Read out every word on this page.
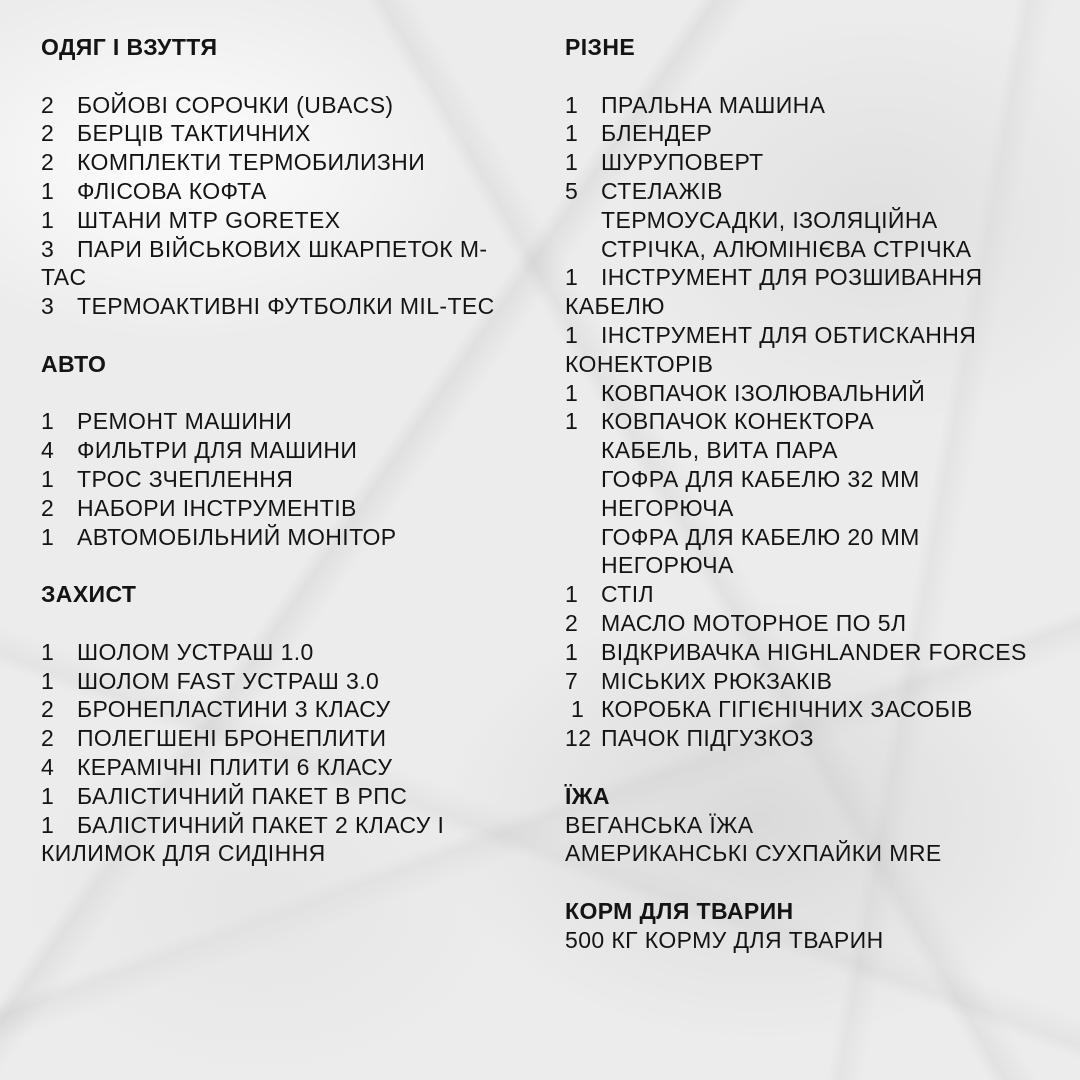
ОДЯГ І ВЗУТТЯ

2 БОЙОВІ СОРОЧКИ (UBACS)

2 БЕРЦІВ ТАКТИЧНИХ

2 КОМПЛЕКТИ ТЕРМОБИЛИЗНИ

1 ФЛІСОВА КОФТА

1 ШТАНИ МТР GORETEX

3 ПАРИ ВІЙСЬКОВИХ ШКАРПЕТОК M-TAC

3 ТЕРМОАКТИВНІ ФУТБОЛКИ MIL-TEC

АВТО

1 РЕМОНТ МАШИНИ

4 ФИЛЬТРИ ДЛЯ МАШИНИ

1 ТРОС ЗЧЕПЛЕННЯ

2 НАБОРИ ІНСТРУМЕНТІВ

1 АВТОМОБІЛЬНИЙ МОНІТОР

ЗАХИСТ

1 ШОЛОМ УСТРАШ 1.0

1 ШОЛОМ FAST УСТРАШ 3.0

2 БРОНЕПЛАСТИНИ 3 КЛАСУ

2 ПОЛЕГШЕНІ БРОНЕПЛИТИ

4 КЕРАМІЧНІ ПЛИТИ 6 КЛАСУ

1 БАЛІСТИЧНИЙ ПАКЕТ В РПС

1 БАЛІСТИЧНИЙ ПАКЕТ 2 КЛАСУ І КИЛИМОК ДЛЯ СИДІННЯ

РІЗНЕ

1 ПРАЛЬНА МАШИНА

1 БЛЕНДЕР

1 ШУРУПОВЕРТ

5 СТЕЛАЖІВ

ТЕРМОУСАДКИ, ІЗОЛЯЦІЙНА СТРІЧКА, АЛЮМІНІЄВА СТРІЧКА

1 ІНСТРУМЕНТ ДЛЯ РОЗШИВАННЯ КАБЕЛЮ

1 ІНСТРУМЕНТ ДЛЯ ОБТИСКАННЯ КОНЕКТОРІВ

1 КОВПАЧОК ІЗОЛЮВАЛЬНИЙ

1 КОВПАЧОК КОНЕКТОРА

КАБЕЛЬ, ВИТА ПАРА

ГОФРА ДЛЯ КАБЕЛЮ 32 ММ НЕГОРЮЧА

ГОФРА ДЛЯ КАБЕЛЮ 20 ММ НЕГОРЮЧА

1 СТІЛ

2 МАСЛО МОТОРНОЕ ПО 5Л

1 ВІДКРИВАЧКА HIGHLANDER FORCES

7 МІСЬКИХ РЮКЗАКІВ

1 КОРОБКА ГІГІЄНІЧНИХ ЗАСОБІВ

12 ПАЧОК ПІДГУЗКОЗ

ЇЖА

ВЕГАНСЬКА ЇЖА

АМЕРИКАНСЬКІ СУХПАЙКИ MRE

КОРМ ДЛЯ ТВАРИН

500 КГ КОРМУ ДЛЯ ТВАРИН
